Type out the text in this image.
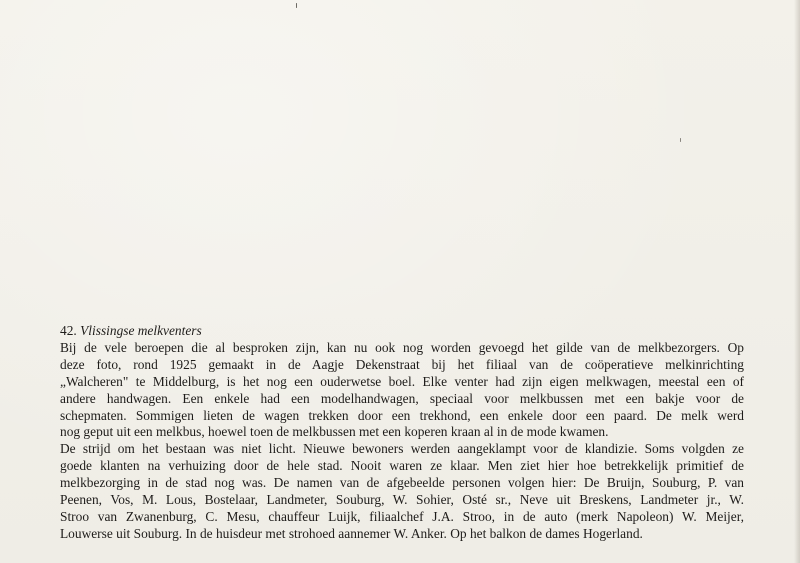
42. Vlissingse melkventers

Bij de vele beroepen die al besproken zijn, kan nu ook nog worden gevoegd het gilde van de melkbezorgers. Op
deze foto, rond 1925 gemaakt in de Aagje Dekenstraat bij het filiaal van de coöperatieve melkinrichting
„Walcheren" te Middelburg, is het nog een ouderwetse boel. Elke venter had zijn eigen melkwagen, meestal een of
andere handwagen. Een enkele had een modelhandwagen, speciaal voor melkbussen met een bakje voor de
schepmaten. Sommigen lieten de wagen trekken door een trekhond, een enkele door een paard. De melk werd
nog geput uit een melkbus, hoewel toen de melkbussen met een koperen kraan al in de mode kwamen.
De strijd om het bestaan was niet licht. Nieuwe bewoners werden aangeklampt voor de klandizie. Soms volgden ze
goede klanten na verhuizing door de hele stad. Nooit waren ze klaar. Men ziet hier hoe betrekkelijk primitief de
melkbezorging in de stad nog was. De namen van de afgebeelde personen volgen hier: De Bruijn, Souburg, P. van
Peenen, Vos, M. Lous, Bostelaar, Landmeter, Souburg, W. Sohier, Osté sr., Neve uit Breskens, Landmeter jr., W.
Stroo van Zwanenburg, C. Mesu, chauffeur Luijk, filiaalchef J.A. Stroo, in de auto (merk Napoleon) W. Meijer,
Louwerse uit Souburg. In de huisdeur met strohoed aannemer W. Anker. Op het balkon de dames Hogerland.
